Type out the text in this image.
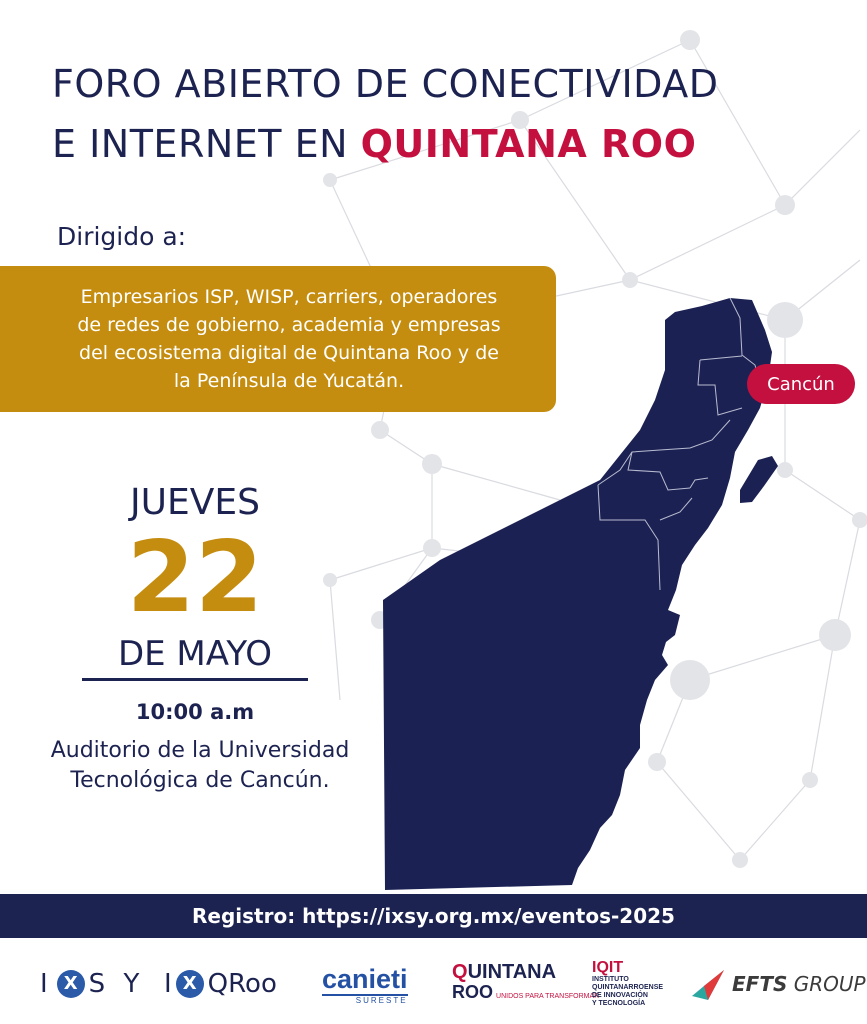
FORO ABIERTO DE CONECTIVIDAD
E INTERNET EN QUINTANA ROO
Dirigido a:
Empresarios ISP, WISP, carriers, operadores
de redes de gobierno, academia y empresas
del ecosistema digital de Quintana Roo y de
la Península de Yucatán.	Cancún
JUEVES
22
DE MAYO
10:00 a.m
Auditorio de la Universidad
Tecnológica de Cancún.
Registro: https://ixsy.org.mx/eventos-2025
I X S Y I X QRoo canieti
SURESTE
QUINTANA
ROO UNIDOS PARA TRANSFORMAR
IQIT
INSTITUTO
QUINTANARROENSE
DE INNOVACIÓN
Y TECNOLOGÍA
EFTS GROUP
